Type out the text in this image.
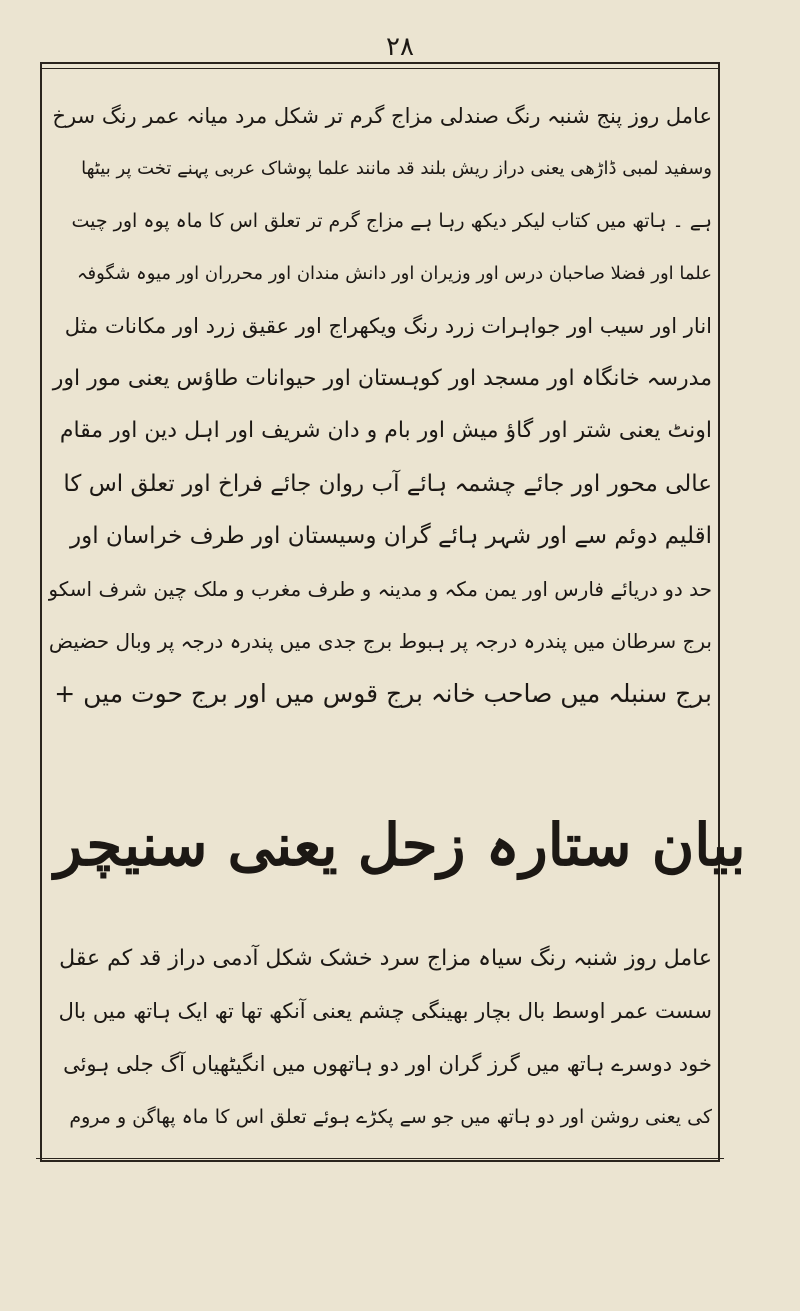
۲۸
عامل روز پنج شنبہ رنگ صندلی مزاج گرم تر شکل مرد میانہ عمر رنگ سرخ
وسفید لمبی ڈاڑھی یعنی دراز ریش بلند قد مانند علما پوشاک عربی پہنے تخت پر بیٹھا
ہے ۔ ہاتھ میں کتاب لیکر دیکھ رہا ہے مزاج گرم تر تعلق اس کا ماہ پوہ اور چیت
علما اور فضلا صاحبان درس اور وزیران اور دانش مندان اور محرران اور میوہ شگوفہ
انار اور سیب اور جواہرات زرد رنگ ویکھراج اور عقیق زرد اور مکانات مثل
مدرسہ خانگاہ اور مسجد اور کوہستان اور حیوانات طاؤس یعنی مور اور
اونٹ یعنی شتر اور گاؤ میش اور بام و دان شریف اور اہل دین اور مقام
عالی محور اور جائے چشمہ ہائے آب روان جائے فراخ اور تعلق اس کا
اقلیم دوئم سے اور شہر ہائے گران وسیستان اور طرف خراسان اور
حد دو دریائے فارس اور یمن مکہ و مدینہ و طرف مغرب و ملک چین شرف اسکو
برج سرطان میں پندرہ درجہ پر ہبوط برج جدی میں پندرہ درجہ پر وبال حضیض
برج سنبلہ میں صاحب خانہ برج قوس میں اور برج حوت میں +
بیان ستارہ زحل یعنی سنیچر
عامل روز شنبہ رنگ سیاہ مزاج سرد خشک شکل آدمی دراز قد کم عقل
سست عمر اوسط بال بچار بھینگی چشم یعنی آنکھ تھا تھ ایک ہاتھ میں بال
خود دوسرے ہاتھ میں گرز گران اور دو ہاتھوں میں انگیٹھیاں آگ جلی ہوئی
کی یعنی روشن اور دو ہاتھ میں جو سے پکڑے ہوئے تعلق اس کا ماہ پھاگن و مروم
